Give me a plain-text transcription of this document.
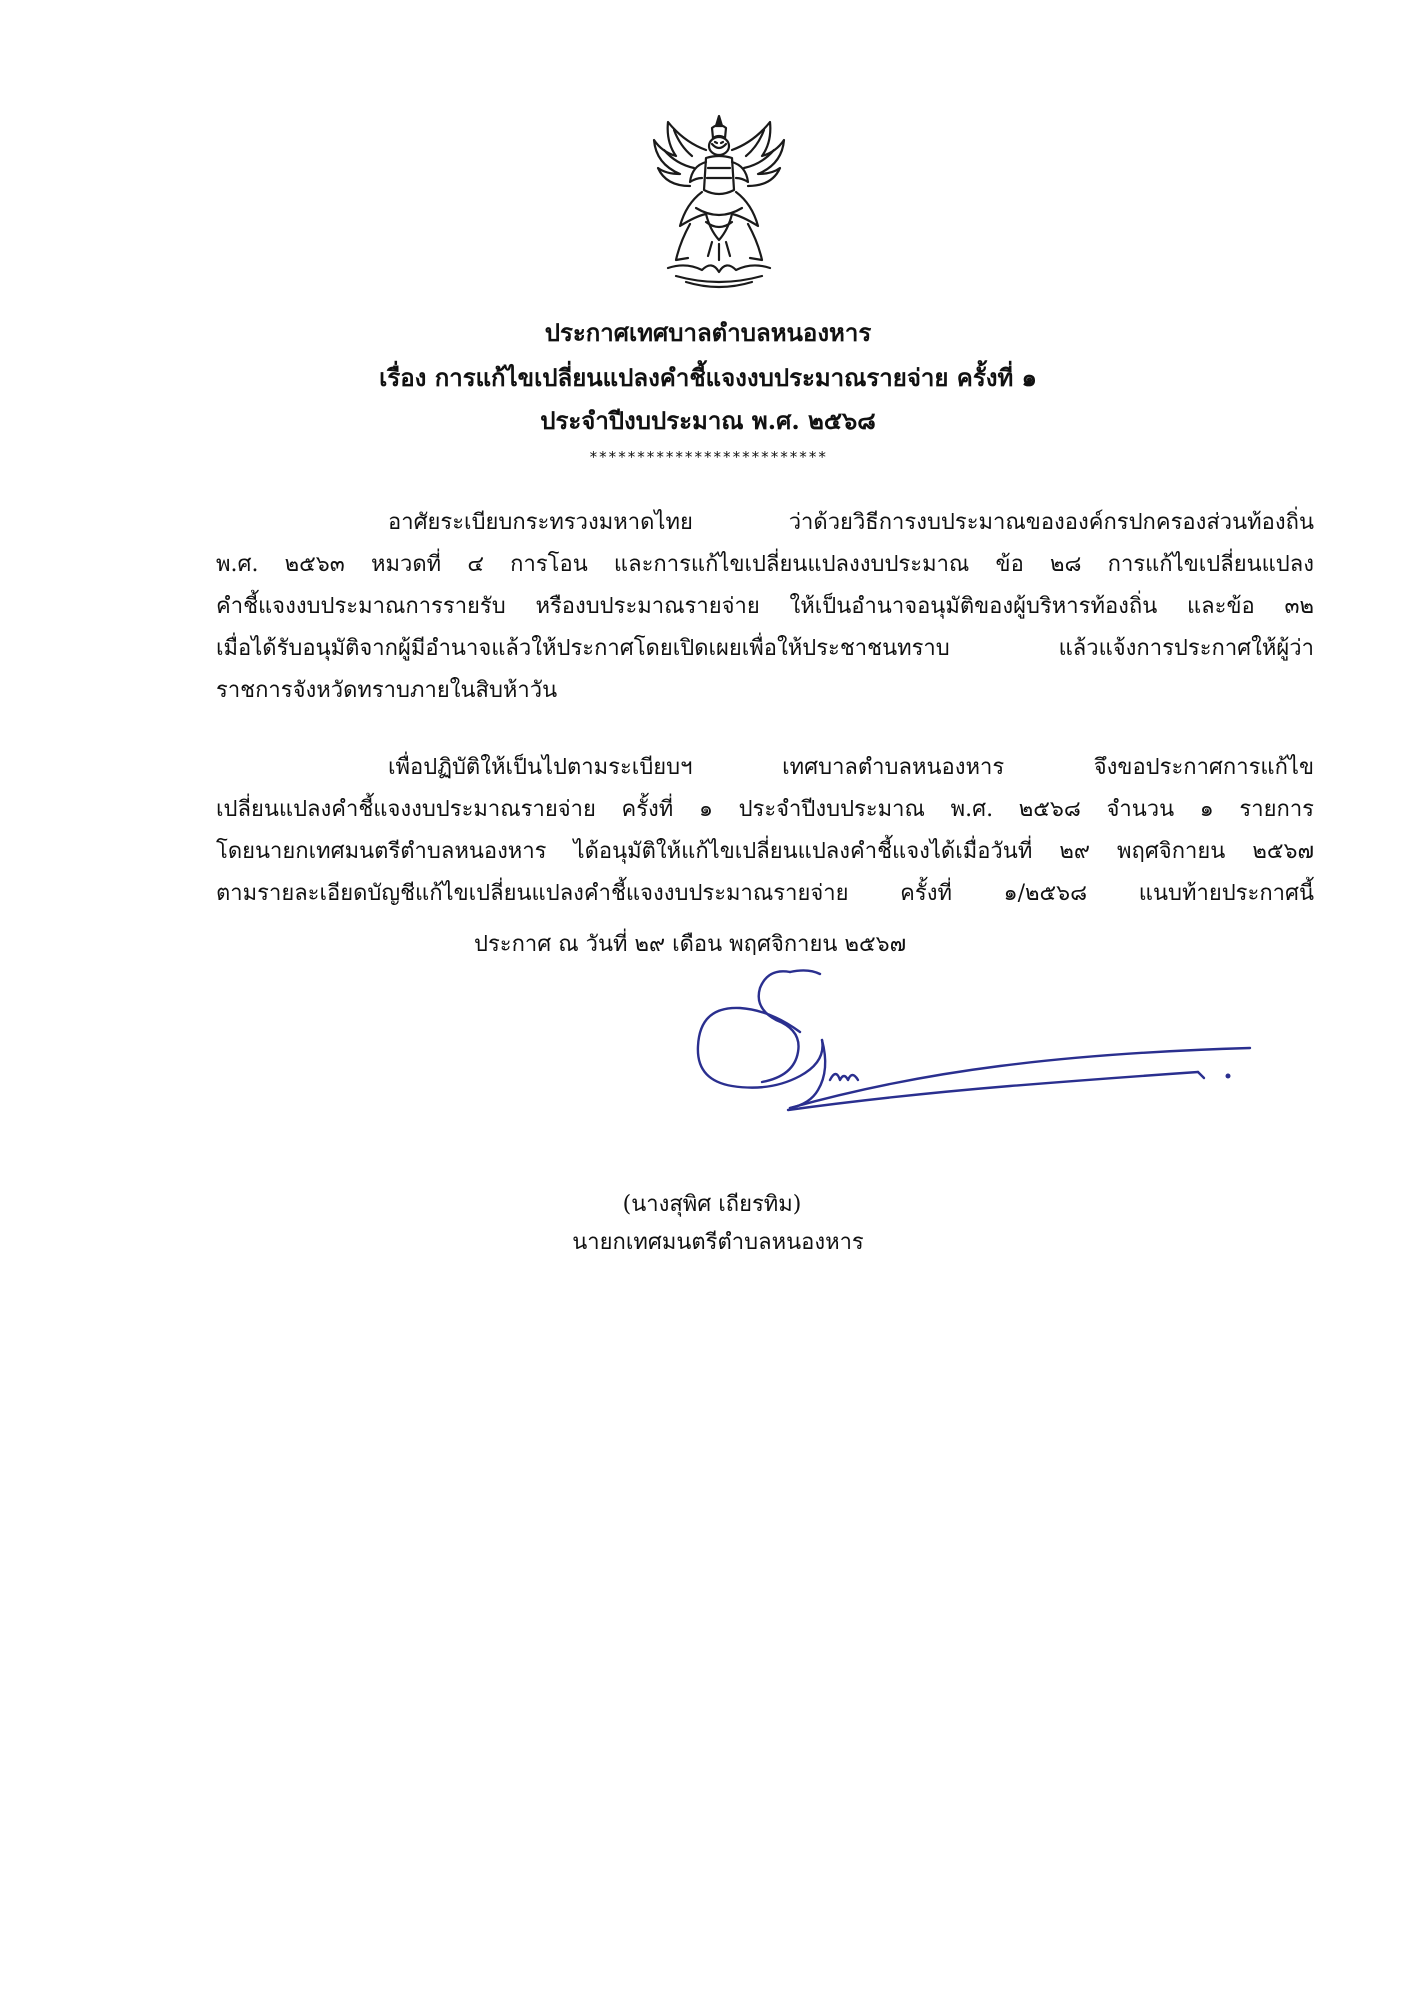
ประกาศเทศบาลตำบลหนองหาร
เรื่อง การแก้ไขเปลี่ยนแปลงคำชี้แจงงบประมาณรายจ่าย ครั้งที่ ๑
ประจำปีงบประมาณ พ.ศ. ๒๕๖๘
*************************
อาศัยระเบียบกระทรวงมหาดไทย ว่าด้วยวิธีการงบประมาณขององค์กรปกครองส่วนท้องถิ่น
พ.ศ. ๒๕๖๓ หมวดที่ ๔ การโอน และการแก้ไขเปลี่ยนแปลงงบประมาณ ข้อ ๒๘ การแก้ไขเปลี่ยนแปลง
คำชี้แจงงบประมาณการรายรับ หรืองบประมาณรายจ่าย ให้เป็นอำนาจอนุมัติของผู้บริหารท้องถิ่น และข้อ ๓๒
เมื่อได้รับอนุมัติจากผู้มีอำนาจแล้วให้ประกาศโดยเปิดเผยเพื่อให้ประชาชนทราบ แล้วแจ้งการประกาศให้ผู้ว่า
ราชการจังหวัดทราบภายในสิบห้าวัน
เพื่อปฏิบัติให้เป็นไปตามระเบียบฯ เทศบาลตำบลหนองหาร จึงขอประกาศการแก้ไข
เปลี่ยนแปลงคำชี้แจงงบประมาณรายจ่าย ครั้งที่ ๑ ประจำปีงบประมาณ พ.ศ. ๒๕๖๘ จำนวน ๑ รายการ
โดยนายกเทศมนตรีตำบลหนองหาร ได้อนุมัติให้แก้ไขเปลี่ยนแปลงคำชี้แจงได้เมื่อวันที่ ๒๙ พฤศจิกายน ๒๕๖๗
ตามรายละเอียดบัญชีแก้ไขเปลี่ยนแปลงคำชี้แจงงบประมาณรายจ่าย ครั้งที่ ๑/๒๕๖๘ แนบท้ายประกาศนี้
ประกาศ ณ วันที่ ๒๙ เดือน พฤศจิกายน ๒๕๖๗
(นางสุพิศ เถียรทิม)
นายกเทศมนตรีตำบลหนองหาร
